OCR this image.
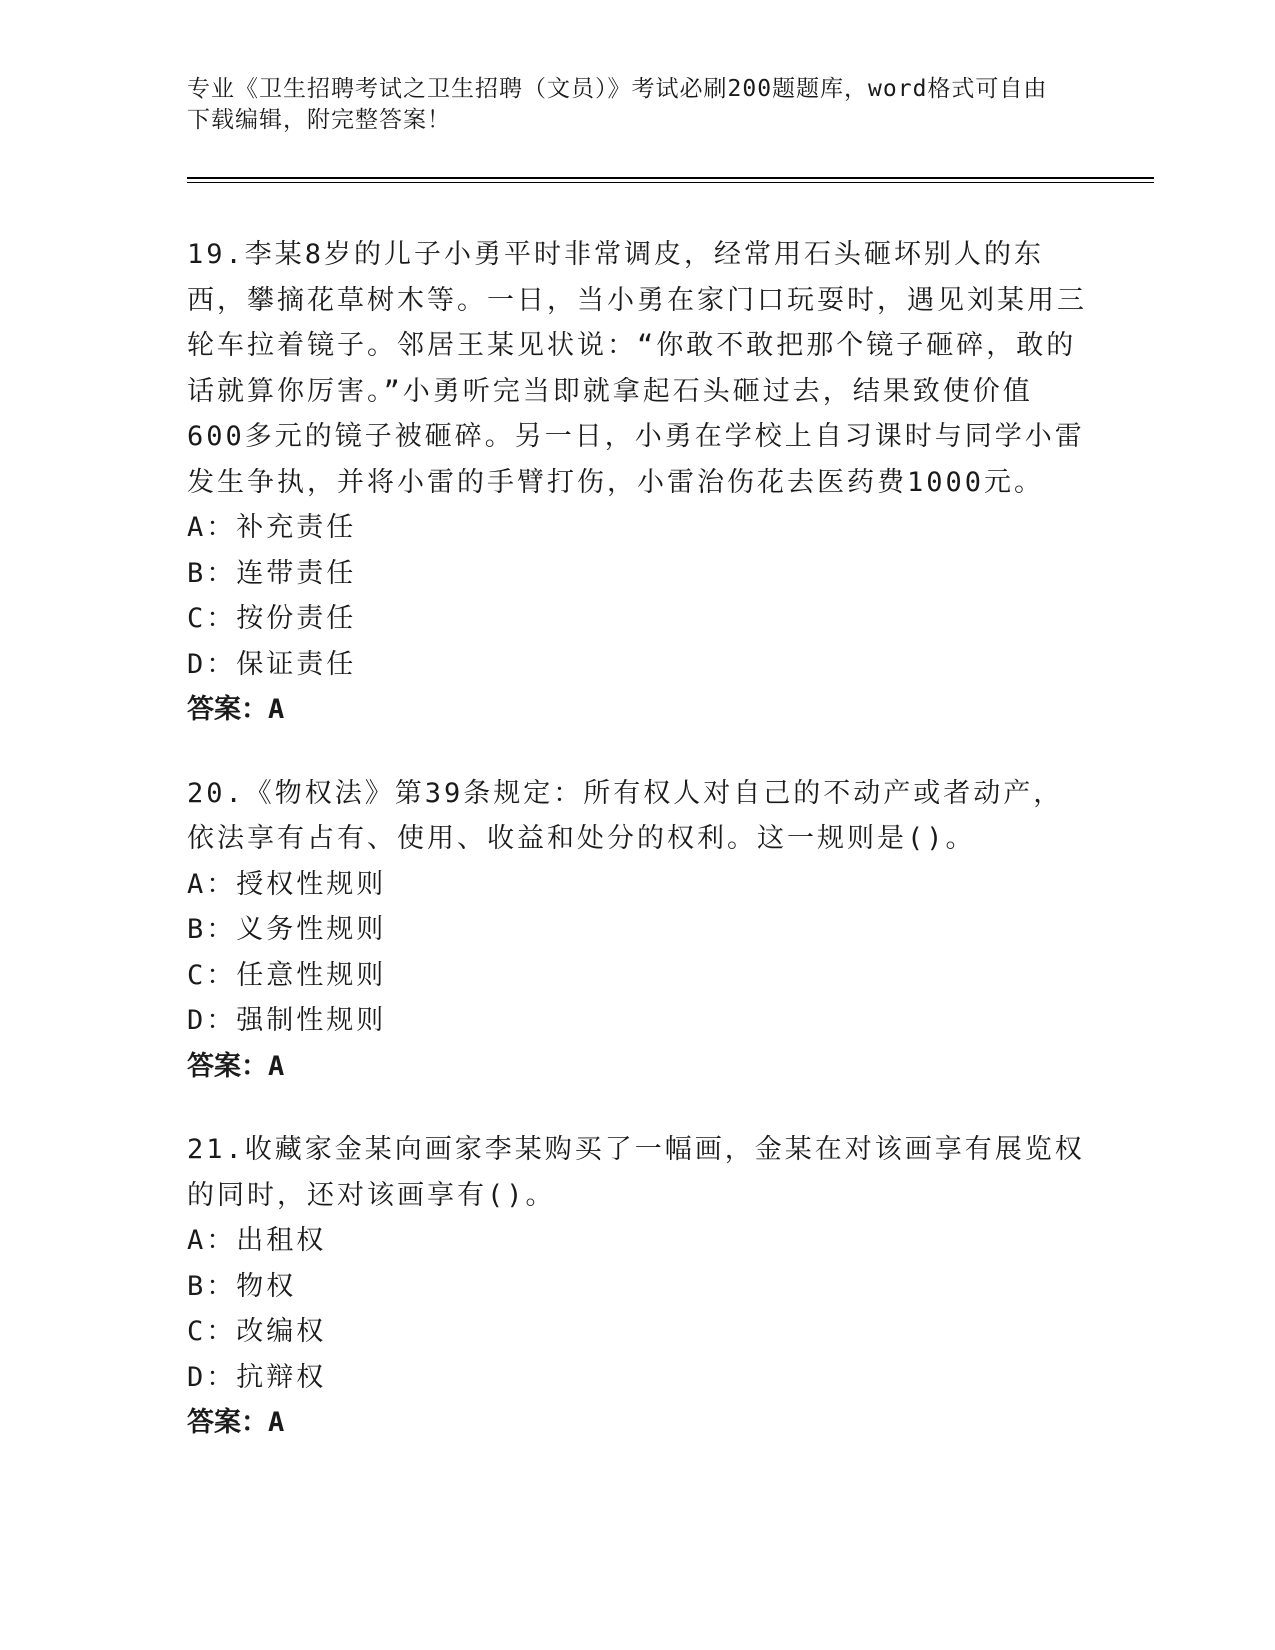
专业《卫生招聘考试之卫生招聘（文员）》考试必刷200题题库，word格式可自由下载编辑，附完整答案！

19.李某8岁的儿子小勇平时非常调皮，经常用石头砸坏别人的东西，攀摘花草树木等。一日，当小勇在家门口玩耍时，遇见刘某用三轮车拉着镜子。邻居王某见状说：“你敢不敢把那个镜子砸碎，敢的话就算你厉害。”小勇听完当即就拿起石头砸过去，结果致使价值600多元的镜子被砸碎。另一日，小勇在学校上自习课时与同学小雷发生争执，并将小雷的手臂打伤，小雷治伤花去医药费1000元。

A：补充责任

B：连带责任

C：按份责任

D：保证责任

答案：A

20.《物权法》第39条规定：所有权人对自己的不动产或者动产，依法享有占有、使用、收益和处分的权利。这一规则是()。

A：授权性规则

B：义务性规则

C：任意性规则

D：强制性规则

答案：A

21.收藏家金某向画家李某购买了一幅画，金某在对该画享有展览权的同时，还对该画享有()。

A：出租权

B：物权

C：改编权

D：抗辩权

答案：A
